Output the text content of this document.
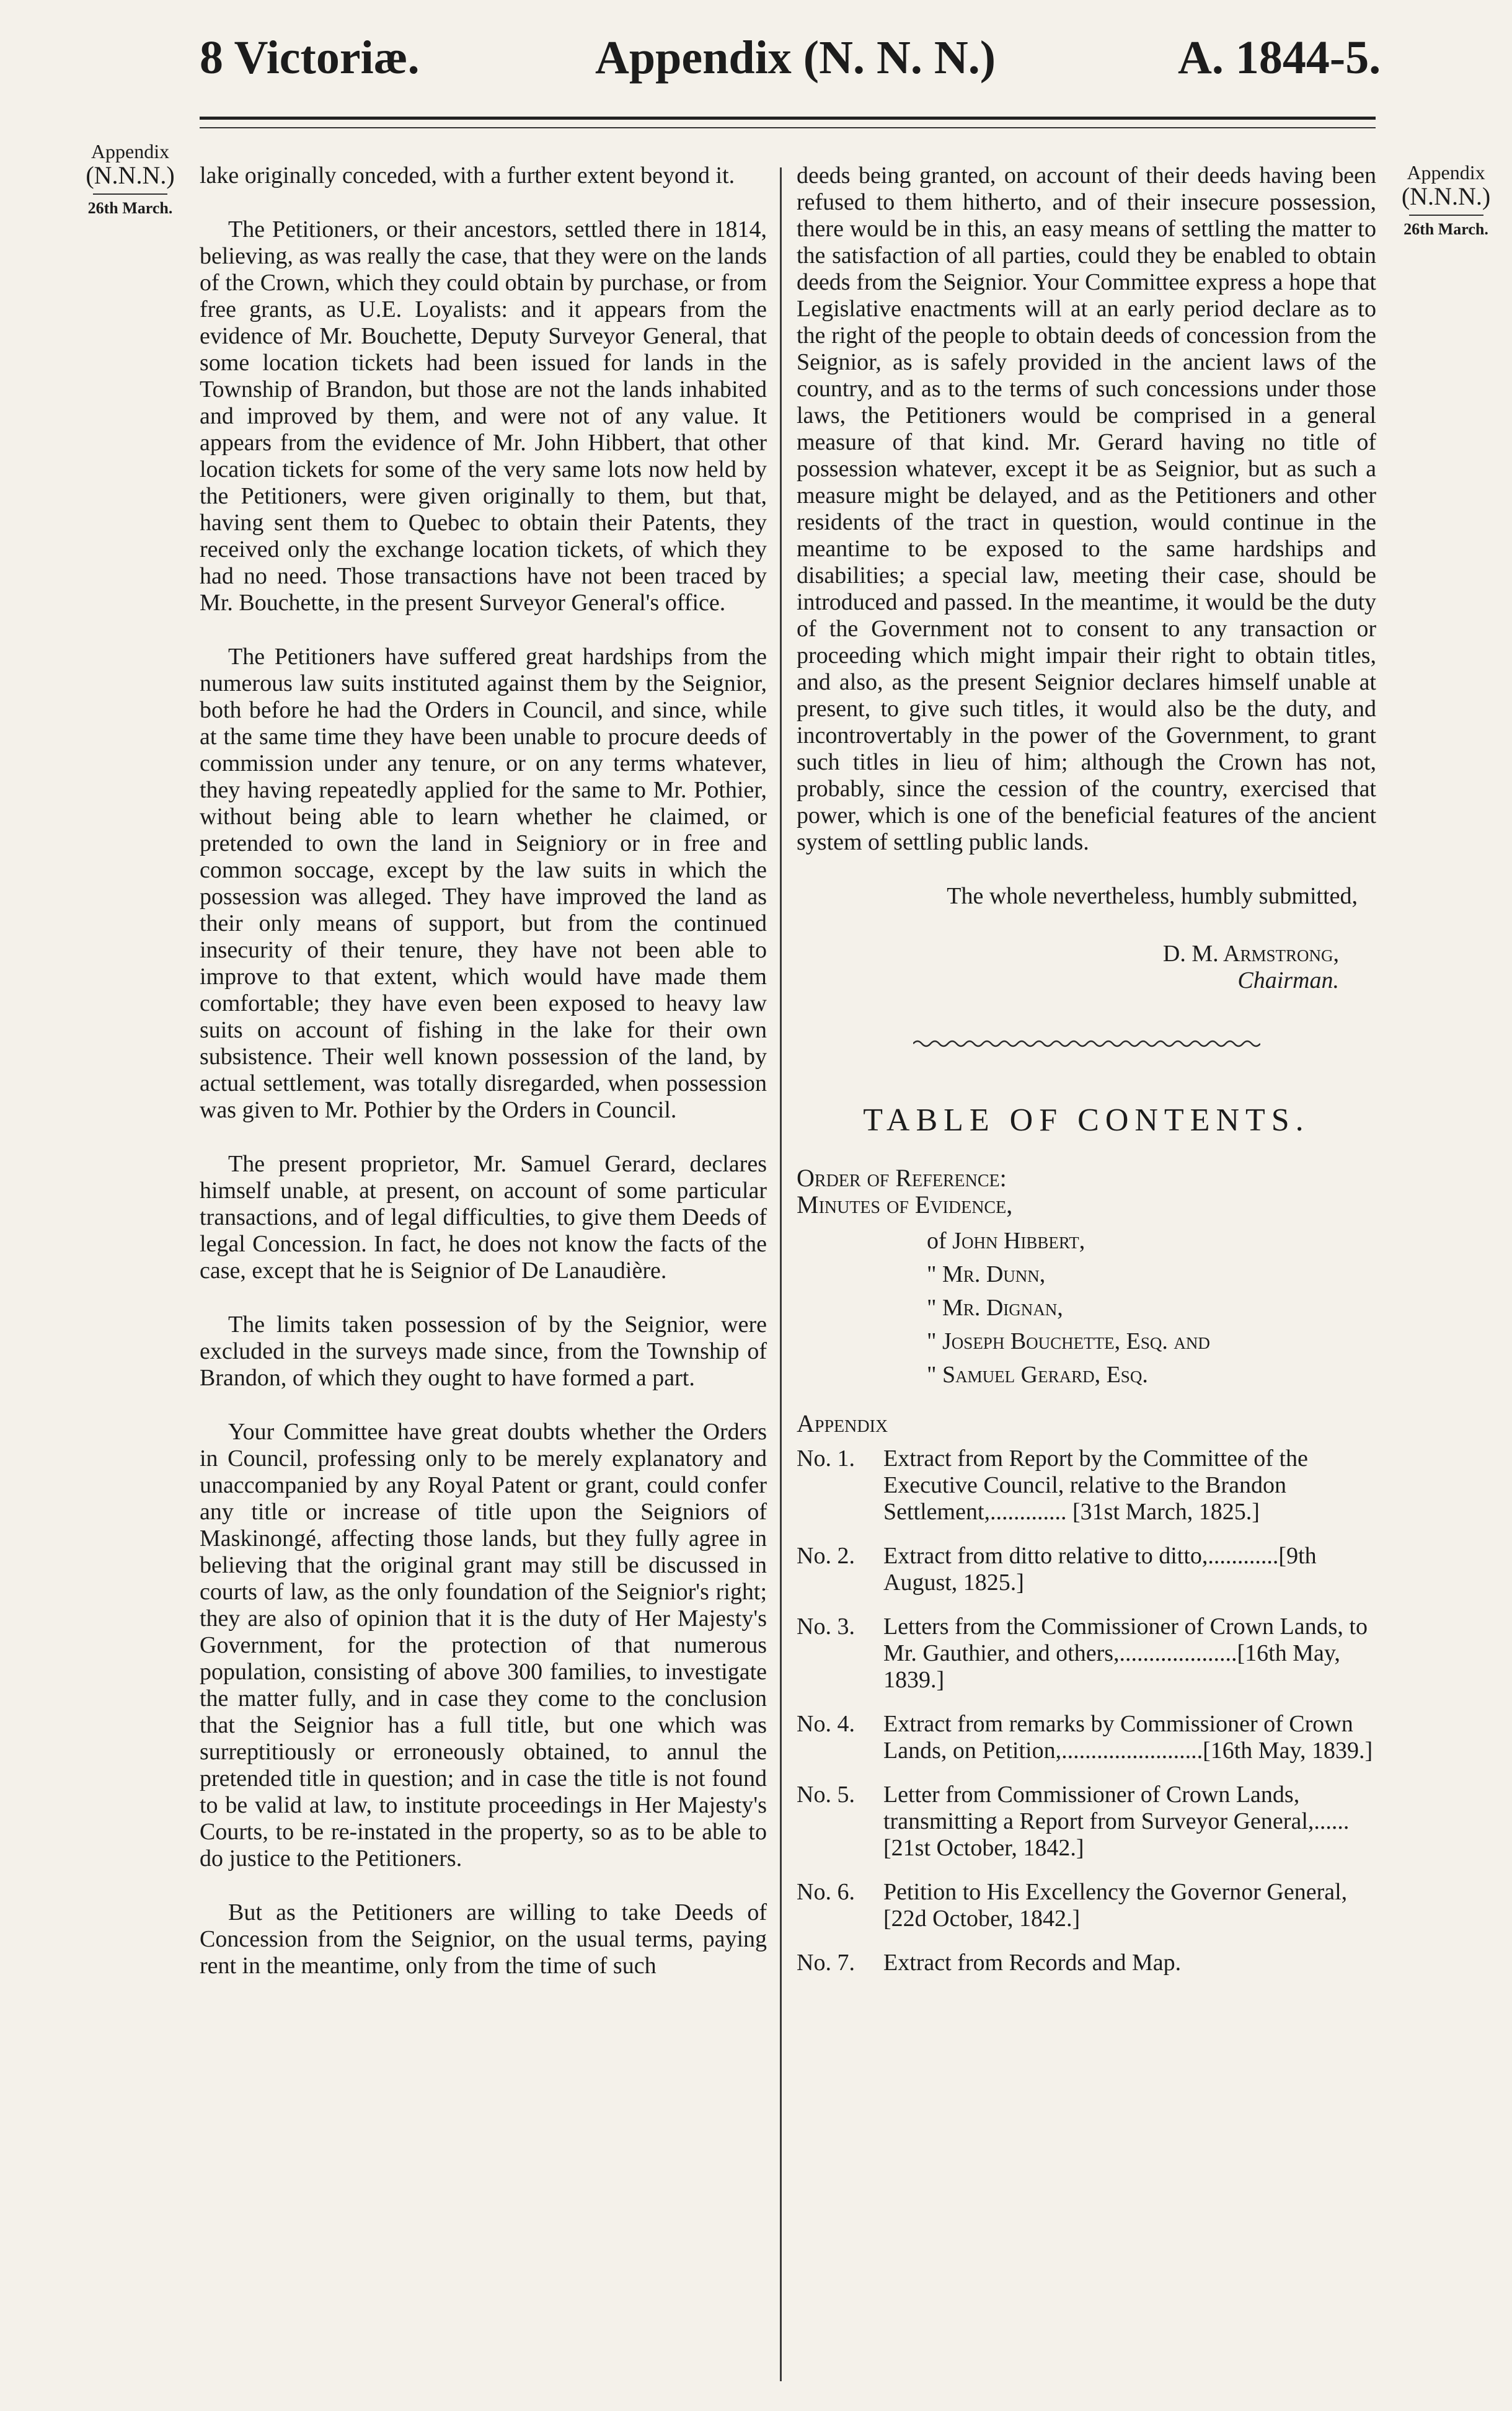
8 Victoriæ.	Appendix (N. N. N.)	A. 1844-5.
Appendix
(N.N.N.)
26th March.
Appendix
(N.N.N.)
26th March.

lake originally conceded, with a further extent beyond it.

The Petitioners, or their ancestors, settled there in 1814, believing, as was really the case, that they were on the lands of the Crown, which they could obtain by purchase, or from free grants, as U.E. Loyalists: and it appears from the evidence of Mr. Bouchette, Deputy Surveyor General, that some location tickets had been issued for lands in the Township of Brandon, but those are not the lands inhabited and improved by them, and were not of any value. It appears from the evidence of Mr. John Hibbert, that other location tickets for some of the very same lots now held by the Petitioners, were given originally to them, but that, having sent them to Quebec to obtain their Patents, they received only the exchange location tickets, of which they had no need. Those transactions have not been traced by Mr. Bouchette, in the present Surveyor General's office.

The Petitioners have suffered great hardships from the numerous law suits instituted against them by the Seignior, both before he had the Orders in Council, and since, while at the same time they have been unable to procure deeds of commission under any tenure, or on any terms whatever, they having repeatedly applied for the same to Mr. Pothier, without being able to learn whether he claimed, or pretended to own the land in Seigniory or in free and common soccage, except by the law suits in which the possession was alleged. They have improved the land as their only means of support, but from the continued insecurity of their tenure, they have not been able to improve to that extent, which would have made them comfortable; they have even been exposed to heavy law suits on account of fishing in the lake for their own subsistence. Their well known possession of the land, by actual settlement, was totally disregarded, when possession was given to Mr. Pothier by the Orders in Council.

The present proprietor, Mr. Samuel Gerard, declares himself unable, at present, on account of some particular transactions, and of legal difficulties, to give them Deeds of legal Concession. In fact, he does not know the facts of the case, except that he is Seignior of De Lanaudière.

The limits taken possession of by the Seignior, were excluded in the surveys made since, from the Township of Brandon, of which they ought to have formed a part.

Your Committee have great doubts whether the Orders in Council, professing only to be merely explanatory and unaccompanied by any Royal Patent or grant, could confer any title or increase of title upon the Seigniors of Maskinongé, affecting those lands, but they fully agree in believing that the original grant may still be discussed in courts of law, as the only foundation of the Seignior's right; they are also of opinion that it is the duty of Her Majesty's Government, for the protection of that numerous population, consisting of above 300 families, to investigate the matter fully, and in case they come to the conclusion that the Seignior has a full title, but one which was surreptitiously or erroneously obtained, to annul the pretended title in question; and in case the title is not found to be valid at law, to institute proceedings in Her Majesty's Courts, to be re-instated in the property, so as to be able to do justice to the Petitioners.

But as the Petitioners are willing to take Deeds of Concession from the Seignior, on the usual terms, paying rent in the meantime, only from the time of such

deeds being granted, on account of their deeds having been refused to them hitherto, and of their insecure possession, there would be in this, an easy means of settling the matter to the satisfaction of all parties, could they be enabled to obtain deeds from the Seignior. Your Committee express a hope that Legislative enactments will at an early period declare as to the right of the people to obtain deeds of concession from the Seignior, as is safely provided in the ancient laws of the country, and as to the terms of such concessions under those laws, the Petitioners would be comprised in a general measure of that kind. Mr. Gerard having no title of possession whatever, except it be as Seignior, but as such a measure might be delayed, and as the Petitioners and other residents of the tract in question, would continue in the meantime to be exposed to the same hardships and disabilities; a special law, meeting their case, should be introduced and passed. In the meantime, it would be the duty of the Government not to consent to any transaction or proceeding which might impair their right to obtain titles, and also, as the present Seignior declares himself unable at present, to give such titles, it would also be the duty, and incontrovertably in the power of the Government, to grant such titles in lieu of him; although the Crown has not, probably, since the cession of the country, exercised that power, which is one of the beneficial features of the ancient system of settling public lands.

The whole nevertheless, humbly submitted,
D. M. Armstrong,
Chairman.
TABLE OF CONTENTS.
Order of Reference:
Minutes of Evidence,
of John Hibbert,
" Mr. Dunn,
" Mr. Dignan,
" Joseph Bouchette, Esq. and
" Samuel Gerard, Esq.
Appendix
No. 1.	Extract from Report by the Committee of the Executive Council, relative to the Brandon Settlement,............. [31st March, 1825.]
No. 2.	Extract from ditto relative to ditto,............[9th August, 1825.]
No. 3.	Letters from the Commissioner of Crown Lands, to Mr. Gauthier, and others,....................[16th May, 1839.]
No. 4.	Extract from remarks by Commissioner of Crown Lands, on Petition,........................[16th May, 1839.]
No. 5.	Letter from Commissioner of Crown Lands, transmitting a Report from Surveyor General,......[21st October, 1842.]
No. 6.	Petition to His Excellency the Governor General,[22d October, 1842.]
No. 7.	Extract from Records and Map.
